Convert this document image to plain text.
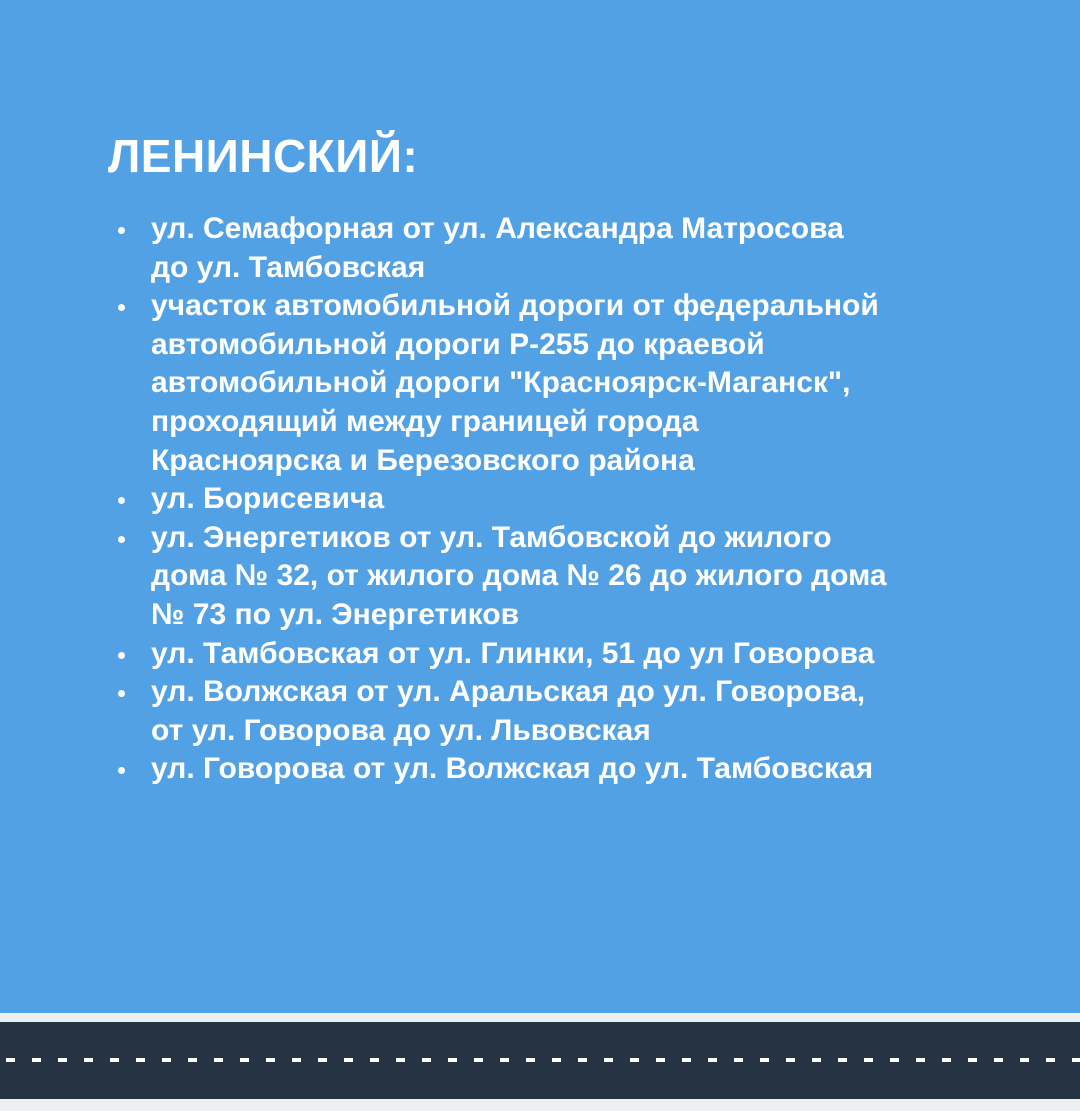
ЛЕНИНСКИЙ:
ул. Семафорная от ул. Александра Матросова
до ул. Тамбовская
участок автомобильной дороги от федеральной
автомобильной дороги Р-255 до краевой
автомобильной дороги "Красноярск-Маганск",
проходящий между границей города
Красноярска и Березовского района
ул. Борисевича
ул. Энергетиков от ул. Тамбовской до жилого
дома № 32, от жилого дома № 26 до жилого дома
№ 73 по ул. Энергетиков
ул. Тамбовская от ул. Глинки, 51 до ул Говорова
ул. Волжская от ул. Аральская до ул. Говорова,
от ул. Говорова до ул. Львовская
ул. Говорова от ул. Волжская до ул. Тамбовская
